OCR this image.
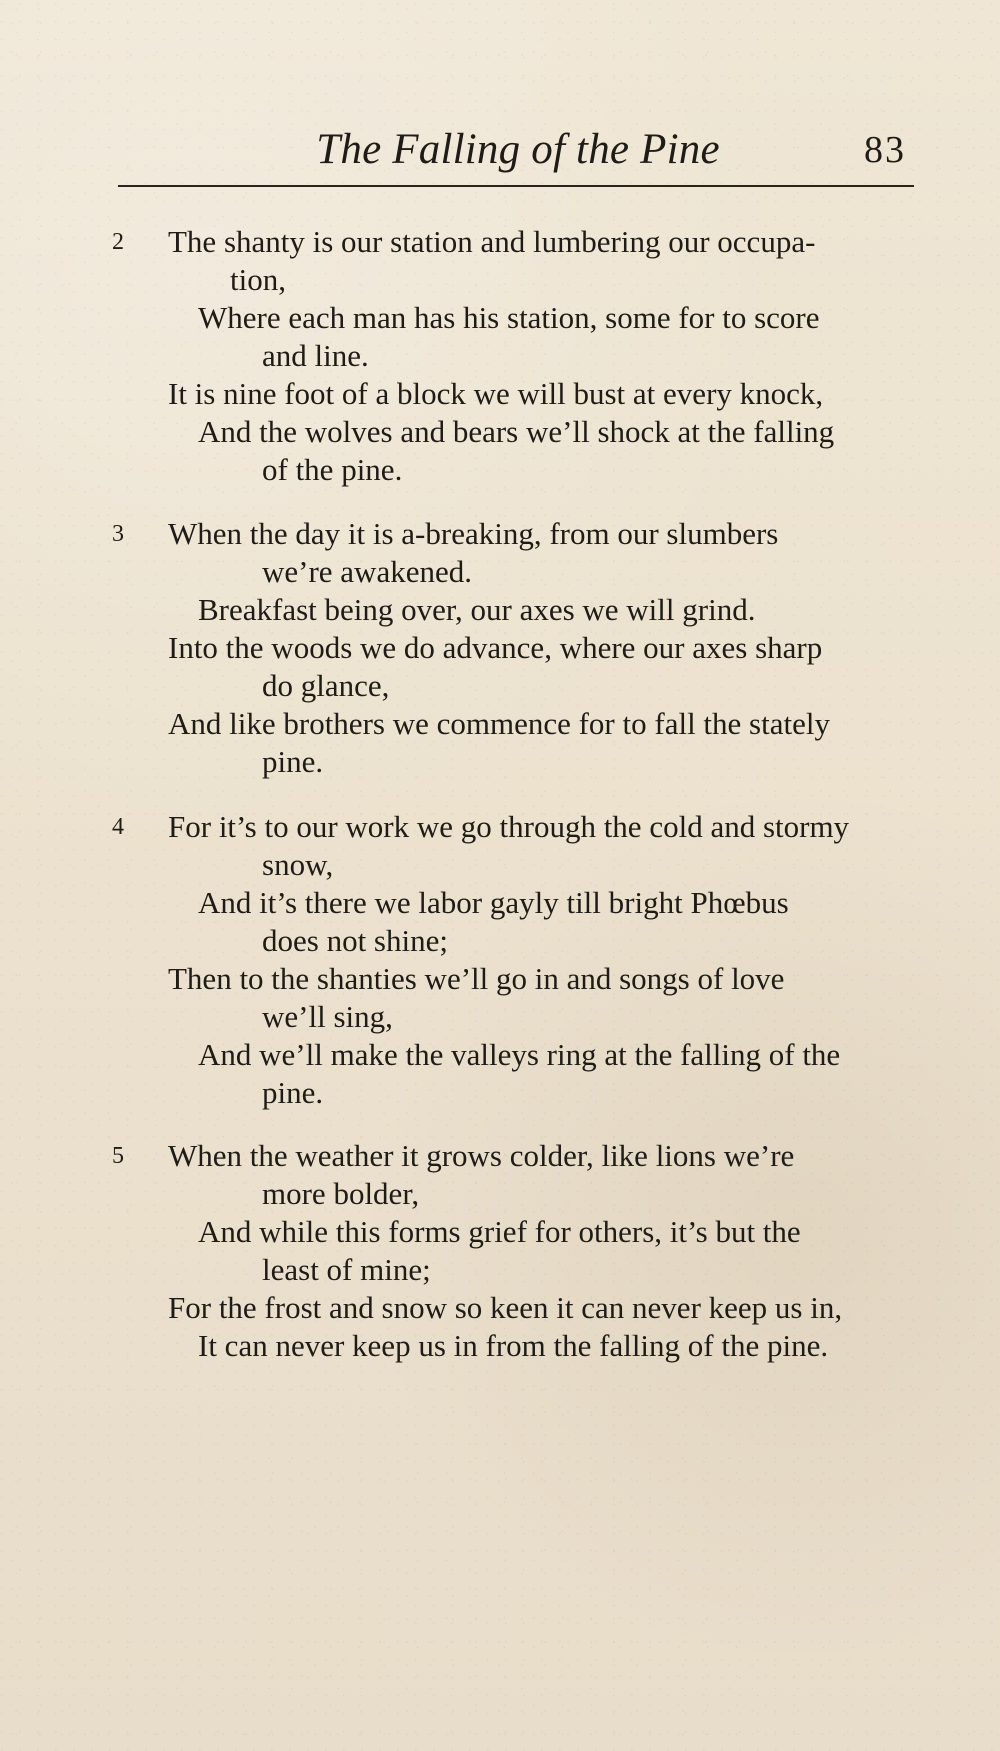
The Falling of the Pine	83
2 The shanty is our station and lumbering our occupa-
tion,
Where each man has his station, some for to score
and line.
It is nine foot of a block we will bust at every knock,
And the wolves and bears we’ll shock at the falling
of the pine.
3 When the day it is a-breaking, from our slumbers
we’re awakened.
Breakfast being over, our axes we will grind.
Into the woods we do advance, where our axes sharp
do glance,
And like brothers we commence for to fall the stately
pine.
4 For it’s to our work we go through the cold and stormy
snow,
And it’s there we labor gayly till bright Phœbus
does not shine;
Then to the shanties we’ll go in and songs of love
we’ll sing,
And we’ll make the valleys ring at the falling of the
pine.
5 When the weather it grows colder, like lions we’re
more bolder,
And while this forms grief for others, it’s but the
least of mine;
For the frost and snow so keen it can never keep us in,
It can never keep us in from the falling of the pine.
